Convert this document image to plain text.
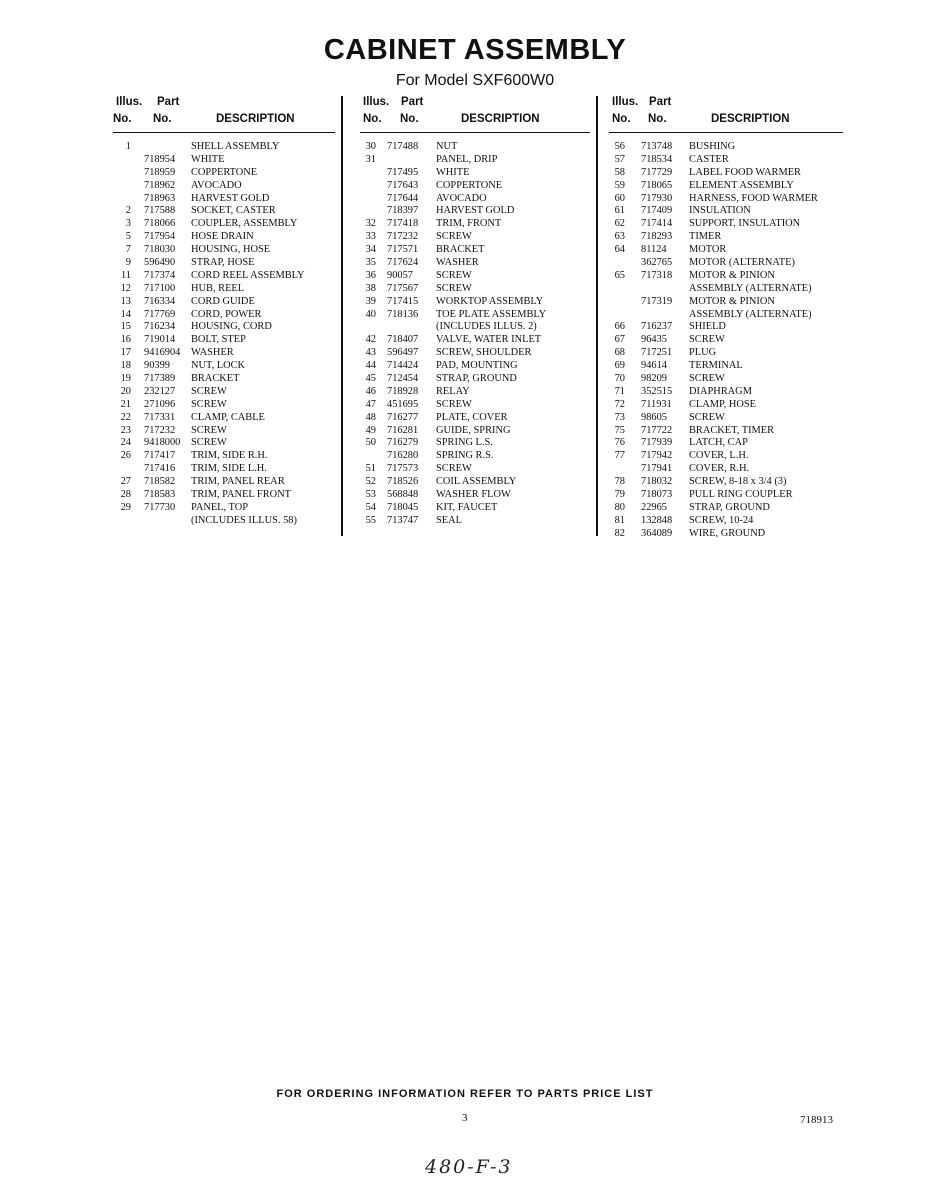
CABINET ASSEMBLY
For Model SXF600W0
Illus. Part
No. No.	DESCRIPTION
1	SHELL ASSEMBLY
718954 WHITE
718959 COPPERTONE
718962 AVOCADO
718963 HARVEST GOLD
2 717588 SOCKET, CASTER
3 718066 COUPLER, ASSEMBLY
5 717954 HOSE DRAIN
7 718030 HOUSING, HOSE
9 596490 STRAP, HOSE
11 717374 CORD REEL ASSEMBLY
12 717100 HUB, REEL
13 716334 CORD GUIDE
14 717769 CORD, POWER
15 716234 HOUSING, CORD
16 719014 BOLT, STEP
17 9416904 WASHER
18 90399 NUT, LOCK
19 717389 BRACKET
20 232127 SCREW
21 271096 SCREW
22 717331 CLAMP, CABLE
23 717232 SCREW
24 9418000 SCREW
26 717417 TRIM, SIDE R.H.
717416 TRIM, SIDE L.H.
27 718582 TRIM, PANEL REAR
28 718583 TRIM, PANEL FRONT
29 717730 PANEL, TOP
(INCLUDES ILLUS. 58)
Illus. Part
No. No.	DESCRIPTION
30 717488 NUT
31	PANEL, DRIP
717495 WHITE
717643 COPPERTONE
717644 AVOCADO
718397 HARVEST GOLD
32 717418 TRIM, FRONT
33 717232 SCREW
34 717571 BRACKET
35 717624 WASHER
36 90057 SCREW
38 717567 SCREW
39 717415 WORKTOP ASSEMBLY
40 718136 TOE PLATE ASSEMBLY
(INCLUDES ILLUS. 2)
42 718407 VALVE, WATER INLET
43 596497 SCREW, SHOULDER
44 714424 PAD, MOUNTING
45 712454 STRAP, GROUND
46 718928 RELAY
47 451695 SCREW
48 716277 PLATE, COVER
49 716281 GUIDE, SPRING
50 716279 SPRING L.S.
716280 SPRING R.S.
51 717573 SCREW
52 718526 COIL ASSEMBLY
53 568848 WASHER FLOW
54 718045 KIT, FAUCET
55 713747 SEAL
Illus. Part
No. No.	DESCRIPTION
56 713748 BUSHING
57 718534 CASTER
58 717729 LABEL FOOD WARMER
59 718065 ELEMENT ASSEMBLY
60 717930 HARNESS, FOOD WARMER
61 717409 INSULATION
62 717414 SUPPORT, INSULATION
63 718293 TIMER
64 81124 MOTOR
362765 MOTOR (ALTERNATE)
65 717318 MOTOR & PINION
ASSEMBLY (ALTERNATE)
717319 MOTOR & PINION
ASSEMBLY (ALTERNATE)
66 716237 SHIELD
67 96435 SCREW
68 717251 PLUG
69 94614 TERMINAL
70 98209 SCREW
71 352515 DIAPHRAGM
72 711931 CLAMP, HOSE
73 98605 SCREW
75 717722 BRACKET, TIMER
76 717939 LATCH, CAP
77 717942 COVER, L.H.
717941 COVER, R.H.
78 718032 SCREW, 8-18 x 3/4 (3)
79 718073 PULL RING COUPLER
80 22965 STRAP, GROUND
81 132848 SCREW, 10-24
82 364089 WIRE, GROUND
FOR ORDERING INFORMATION REFER TO PARTS PRICE LIST
3	718913
480-F-3
